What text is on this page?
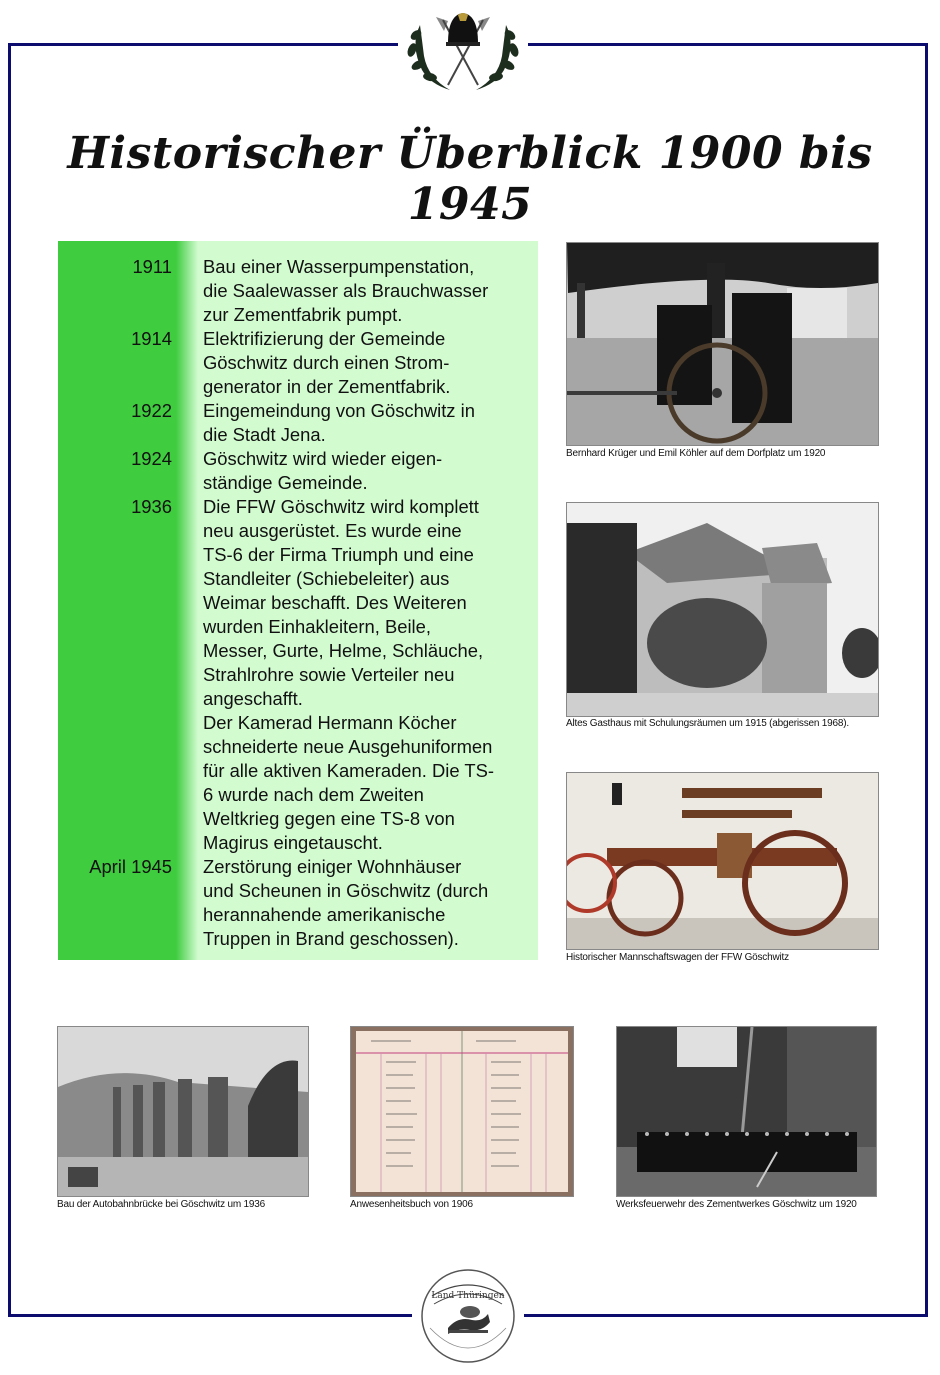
Historischer Überblick 1900 bis 1945
1911	Bau einer Wasserpumpenstation,
die Saalewasser als Brauchwasser
zur Zementfabrik pumpt.
1914	Elektrifizierung der Gemeinde
Göschwitz durch einen Strom-
generator in der Zementfabrik.
1922	Eingemeindung von Göschwitz in
die Stadt Jena.
1924	Göschwitz wird wieder eigen-
ständige Gemeinde.
1936	Die FFW Göschwitz wird komplett
neu ausgerüstet. Es wurde eine
TS-6 der Firma Triumph und eine
Standleiter (Schiebeleiter) aus
Weimar beschafft. Des Weiteren
wurden Einhakleitern, Beile,
Messer, Gurte, Helme, Schläuche,
Strahlrohre sowie Verteiler neu
angeschafft.
Der Kamerad Hermann Köcher
schneiderte neue Ausgehuniformen
für alle aktiven Kameraden. Die TS-
6 wurde nach dem Zweiten
Weltkrieg gegen eine TS-8 von
Magirus eingetauscht.
April 1945	Zerstörung einiger Wohnhäuser
und Scheunen in Göschwitz (durch
herannahende amerikanische
Truppen in Brand geschossen).
Bernhard Krüger und Emil Köhler auf dem Dorfplatz um 1920
Altes Gasthaus mit Schulungsräumen um 1915 (abgerissen 1968).
Historischer Mannschaftswagen der FFW Göschwitz
Bau der Autobahnbrücke bei Göschwitz um 1936	Anwesenheitsbuch von 1906	Werksfeuerwehr des Zementwerkes Göschwitz um 1920
Land Thüringen
